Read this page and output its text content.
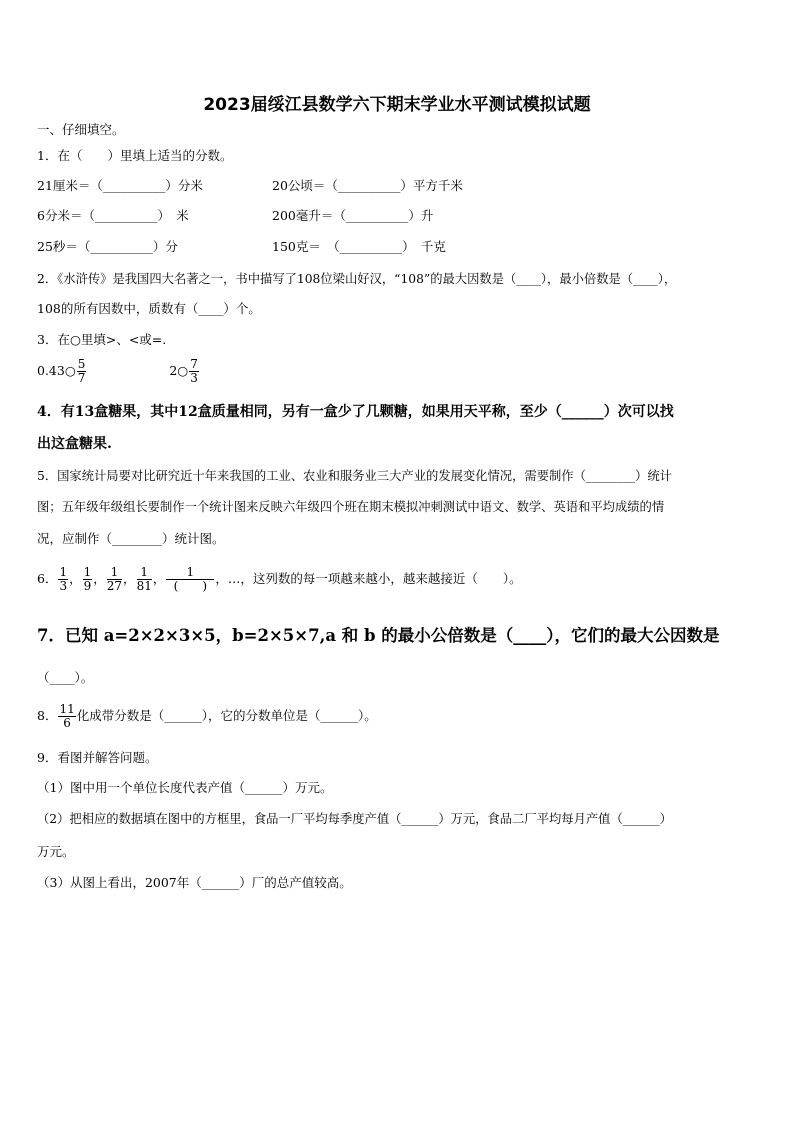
2023届绥江县数学六下期末学业水平测试模拟试题
一、仔细填空。
1．在（　　）里填上适当的分数。
21厘米＝（__________）分米	20公顷＝（__________）平方千米
6分米＝（__________）　米	200毫升＝（__________）升
25秒＝（__________）分	150克＝　（__________）　千克
2．《水浒传》是我国四大名著之一，书中描写了108位梁山好汉，“108”的最大因数是（____），最小倍数是（____），
108的所有因数中，质数有（____）个。
3．在○里填>、<或=.
0.43○ $\frac{5}{7}$	2○ $\frac{7}{3}$
4．有13盒糖果，其中12盒质量相同，另有一盒少了几颗糖，如果用天平称，至少（______）次可以找
出这盒糖果.
5．国家统计局要对比研究近十年来我国的工业、农业和服务业三大产业的发展变化情况，需要制作（________）统计
图；五年级年级组长要制作一个统计图来反映六年级四个班在期末模拟冲刺测试中语文、数学、英语和平均成绩的情
况，应制作（________）统计图。
6． $\frac{1}{3}$ ， $\frac{1}{9}$ ， $\frac{1}{27}$ ， $\frac{1}{81}$ ， $\frac{1}{( )}$ ，…，这列数的每一项越来越小，越来越接近（　　）。
7．已知 a=2×2×3×5，b=2×5×7,a 和 b 的最小公倍数是（____），它们的最大公因数是
（____）。
8． $\frac{11}{6}$ 化成带分数是（______），它的分数单位是（______）。
9．看图并解答问题。
（1）图中用一个单位长度代表产值（______）万元。
（2）把相应的数据填在图中的方框里，食品一厂平均每季度产值（______）万元，食品二厂平均每月产值（______）
万元。
（3）从图上看出，2007年（______）厂的总产值较高。
